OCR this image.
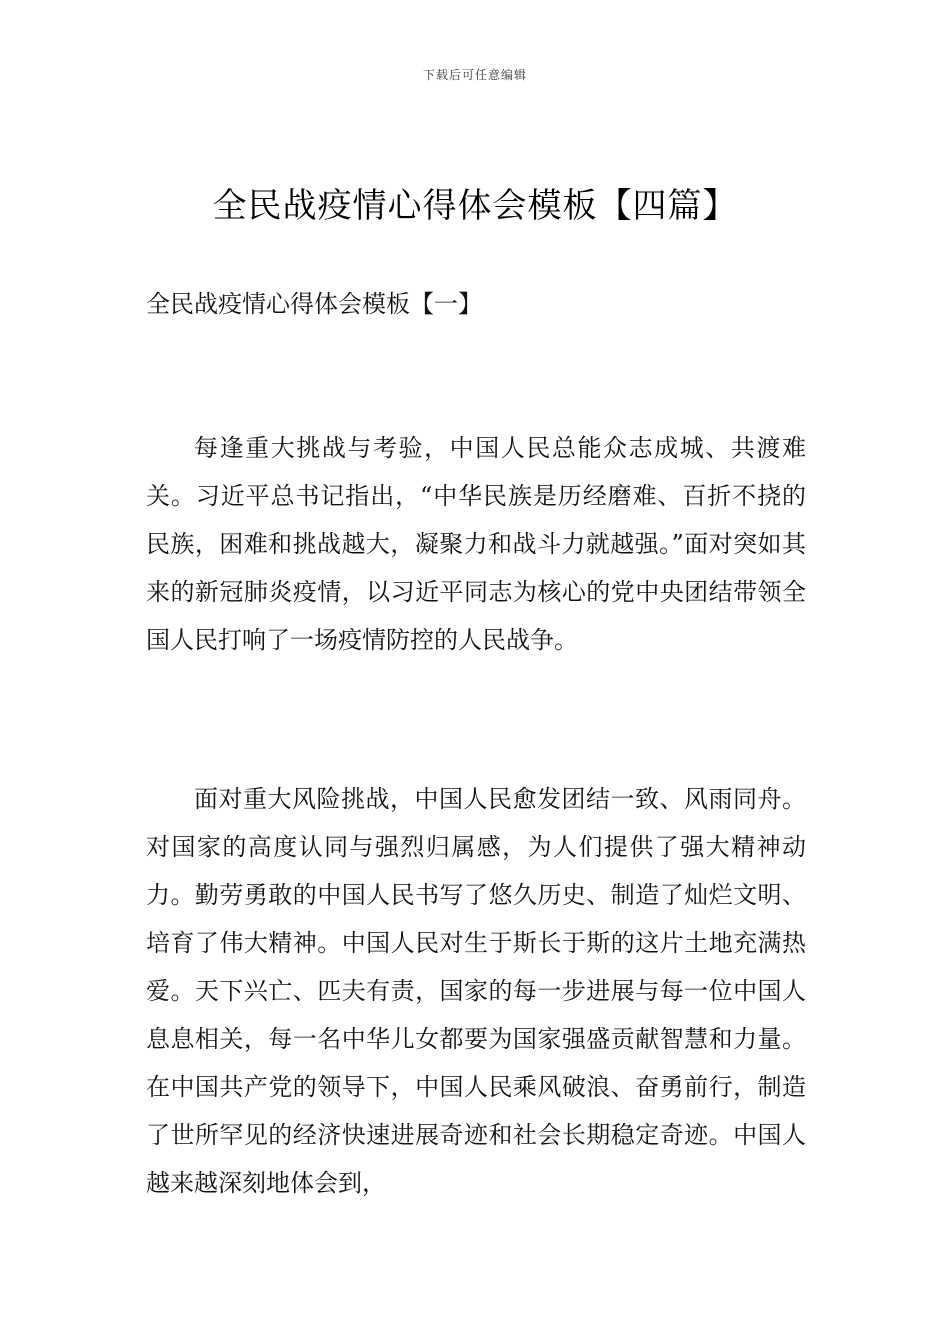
下载后可任意编辑
全民战疫情心得体会模板【四篇】
全民战疫情心得体会模板【一】

每逢重大挑战与考验，中国人民总能众志成城、共渡难关。习近平总书记指出，“中华民族是历经磨难、百折不挠的民族，困难和挑战越大，凝聚力和战斗力就越强。”面对突如其来的新冠肺炎疫情，以习近平同志为核心的党中央团结带领全国人民打响了一场疫情防控的人民战争。

面对重大风险挑战，中国人民愈发团结一致、风雨同舟。对国家的高度认同与强烈归属感，为人们提供了强大精神动力。勤劳勇敢的中国人民书写了悠久历史、制造了灿烂文明、培育了伟大精神。中国人民对生于斯长于斯的这片土地充满热爱。天下兴亡、匹夫有责，国家的每一步进展与每一位中国人息息相关，每一名中华儿女都要为国家强盛贡献智慧和力量。在中国共产党的领导下，中国人民乘风破浪、奋勇前行，制造了世所罕见的经济快速进展奇迹和社会长期稳定奇迹。中国人越来越深刻地体会到，
